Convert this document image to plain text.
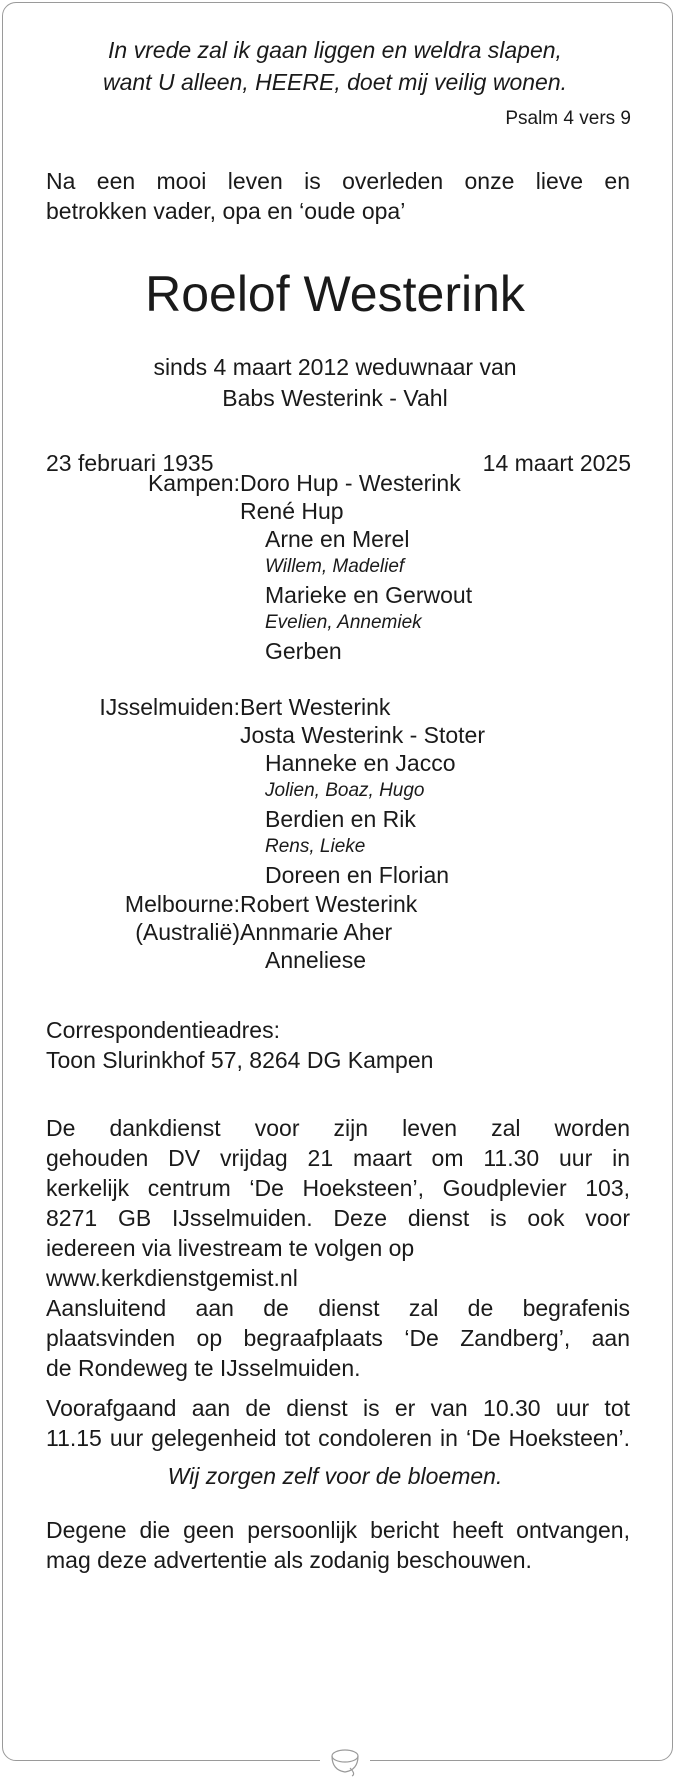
In vrede zal ik gaan liggen en weldra slapen,
want U alleen, HEERE, doet mij veilig wonen.
Psalm 4 vers 9
Na een mooi leven is overleden onze lieve en
betrokken vader, opa en ‘oude opa’
Roelof Westerink
sinds 4 maart 2012 weduwnaar van
Babs Westerink - Vahl
23 februari 1935	14 maart 2025
Kampen: Doro Hup - Westerink
René Hup
Arne en Merel
Willem, Madelief
Marieke en Gerwout
Evelien, Annemiek
Gerben
IJsselmuiden: Bert Westerink
Josta Westerink - Stoter
Hanneke en Jacco
Jolien, Boaz, Hugo
Berdien en Rik
Rens, Lieke
Doreen en Florian
Melbourne:
(Australië)
Robert Westerink
Annmarie Aher
Anneliese
Correspondentieadres:
Toon Slurinkhof 57, 8264 DG Kampen
De dankdienst voor zijn leven zal worden
gehouden DV vrijdag 21 maart om 11.30 uur in
kerkelijk centrum ‘De Hoeksteen’, Goudplevier 103,
8271 GB IJsselmuiden. Deze dienst is ook voor
iedereen via livestream te volgen op
www.kerkdienstgemist.nl
Aansluitend aan de dienst zal de begrafenis
plaatsvinden op begraafplaats ‘De Zandberg’, aan
de Rondeweg te IJsselmuiden.
Voorafgaand aan de dienst is er van 10.30 uur tot
11.15 uur gelegenheid tot condoleren in ‘De Hoeksteen’.
Wij zorgen zelf voor de bloemen.
Degene die geen persoonlijk bericht heeft ontvangen,
mag deze advertentie als zodanig beschouwen.
